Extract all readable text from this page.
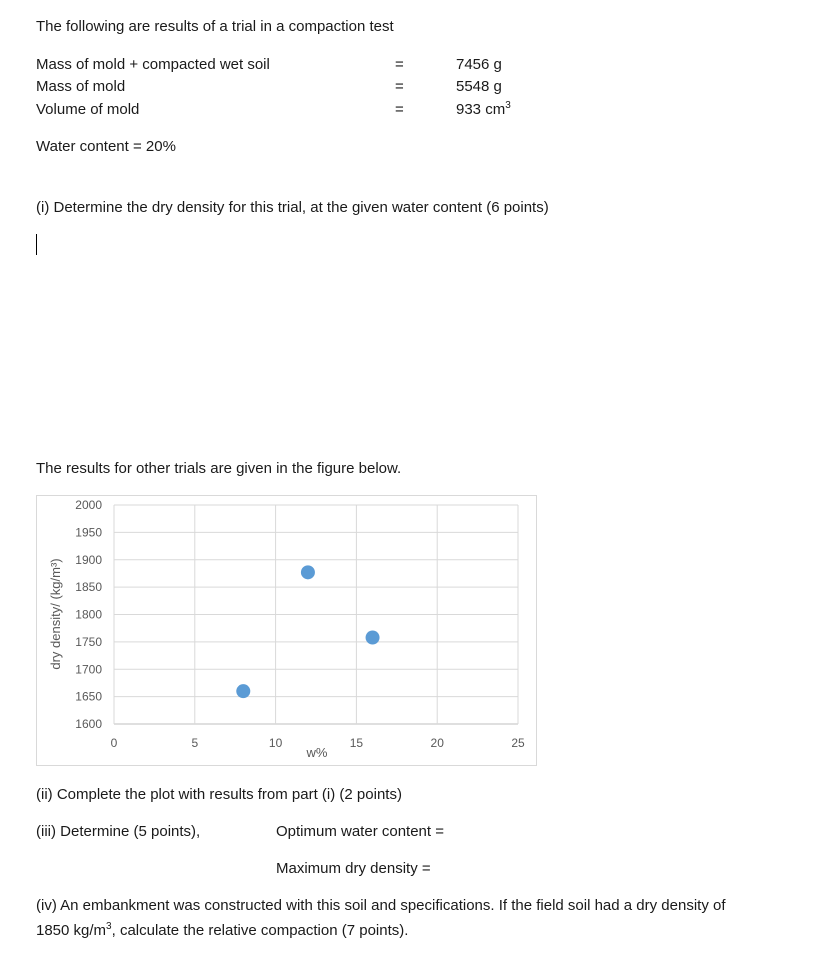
The following are results of a trial in a compaction test
Mass of mold + compacted wet soil	=	7456 g
Mass of mold	=	5548 g
Volume of mold	=	933 $cm^3$
Water content = 20%
(i) Determine the dry density for this trial, at the given water content (6 points)
The results for other trials are given in the figure below.
1600
1650
1700
1750
1800
1850
1900
1950
2000
0	5	10	15	20	25
w%
dry density/ (kg/m³)
(ii) Complete the plot with results from part (i) (2 points)
(iii) Determine (5 points),	Optimum water content =
Maximum dry density =
(iv) An embankment was constructed with this soil and specifications. If the field soil had a dry density of
1850 $kg/m^3$, calculate the relative compaction (7 points).
